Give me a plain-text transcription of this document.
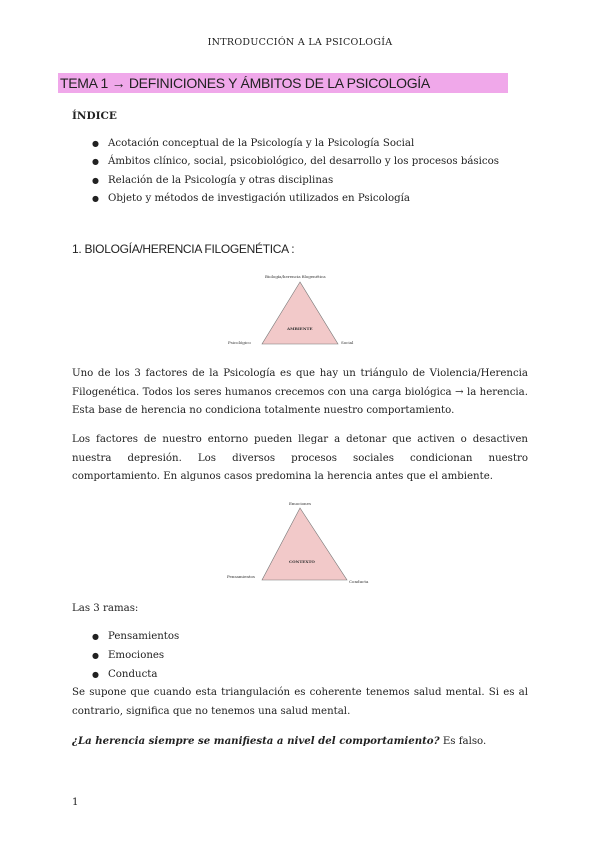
INTRODUCCIÓN A LA PSICOLOGÍA
TEMA 1 → DEFINICIONES Y ÁMBITOS DE LA PSICOLOGÍA
ÍNDICE
● Acotación conceptual de la Psicología y la Psicología Social
● Ámbitos clínico, social, psicobiológico, del desarrollo y los procesos básicos
● Relación de la Psicología y otras disciplinas
● Objeto y métodos de investigación utilizados en Psicología
1. BIOLOGÍA/HERENCIA FILOGENÉTICA :
Biología/herencia filogenética
Psicológico	Social
AMBIENTE

Uno de los 3 factores de la Psicología es que hay un triángulo de Violencia/Herencia Filogenética. Todos los seres humanos crecemos con una carga biológica → la herencia. Esta base de herencia no condiciona totalmente nuestro comportamiento.

Los factores de nuestro entorno pueden llegar a detonar que activen o desactiven nuestra depresión. Los diversos procesos sociales condicionan nuestro comportamiento. En algunos casos predomina la herencia antes que el ambiente.

Emociones
Pensamientos
Conducta
CONTEXTO

Las 3 ramas:

● Pensamientos
● Emociones
● Conducta

Se supone que cuando esta triangulación es coherente tenemos salud mental. Si es al contrario, significa que no tenemos una salud mental.

¿La herencia siempre se manifiesta a nivel del comportamiento? Es falso.
1
